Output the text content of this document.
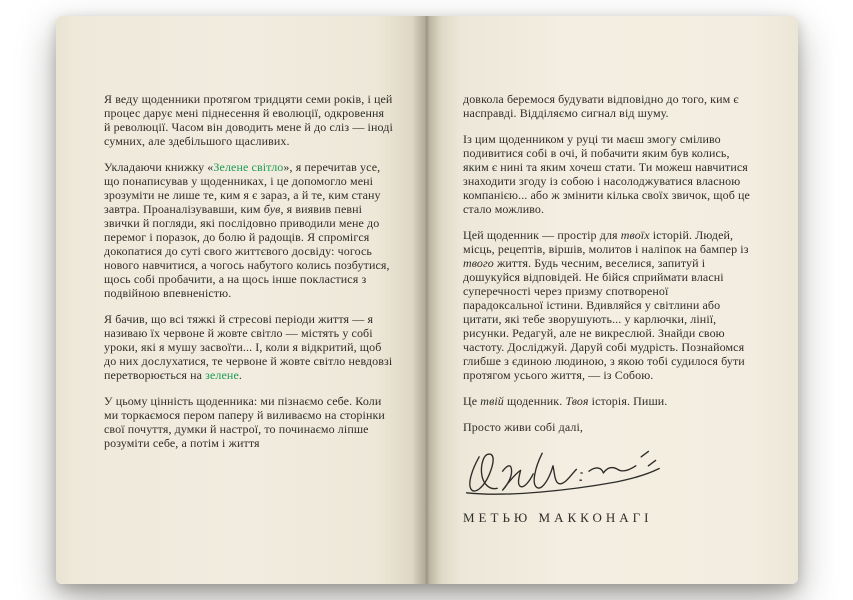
Я веду щоденники протягом тридцяти семи років, і цей процес дарує мені піднесення й еволюції, одкровення й революції. Часом він доводить мене й до сліз — іноді сумних, але здебільшого щасливих.

Укладаючи книжку «Зелене світло», я перечитав усе, що понаписував у щоденниках, і це допомогло мені зрозуміти не лише те, ким я є зараз, а й те, ким стану завтра. Проаналізувавши, ким був, я виявив певні звички й погляди, які послідовно приводили мене до перемог і поразок, до болю й радощів. Я спромігся докопатися до суті свого життєвого досвіду: чогось нового навчитися, а чогось набутого колись позбутися, щось собі пробачити, а на щось інше покластися з подвійною впевненістю.

Я бачив, що всі тяжкі й стресові періоди життя — я називаю їх червоне й жовте світло — містять у собі уроки, які я мушу засвоїти... І, коли я відкритий, щоб до них дослухатися, те червоне й жовте світло невдовзі перетворюється на зелене.

У цьому цінність щоденника: ми пізнаємо себе. Коли ми торкаємося пером паперу й виливаємо на сторінки свої почуття, думки й настрої, то починаємо ліпше розуміти себе, а потім і життя

довкола беремося будувати відповідно до того, ким є насправді. Відділяємо сигнал від шуму.

Із цим щоденником у руці ти маєш змогу сміливо подивитися собі в очі, й побачити яким був колись, яким є нині та яким хочеш стати. Ти можеш навчитися знаходити згоду із собою і насолоджуватися власною компанією... або ж змінити кілька своїх звичок, щоб це стало можливо.

Цей щоденник — простір для твоїх історій. Людей, місць, рецептів, віршів, молитов і наліпок на бампер із твого життя. Будь чесним, веселися, запитуй і дошукуйся відповідей. Не бійся сприймати власні суперечності через призму спотвореної парадоксальної істини. Вдивляйся у світлини або цитати, які тебе зворушують... у карлючки, лінії, рисунки. Редагуй, але не викреслюй. Знайди свою частоту. Досліджуй. Даруй собі мудрість. Познайомся глибше з єдиною людиною, з якою тобі судилося бути протягом усього життя, — із Собою.

Це твій щоденник. Твоя історія. Пиши.

Просто живи собі далі,

МЕТЬЮ МАККОНАГІ
